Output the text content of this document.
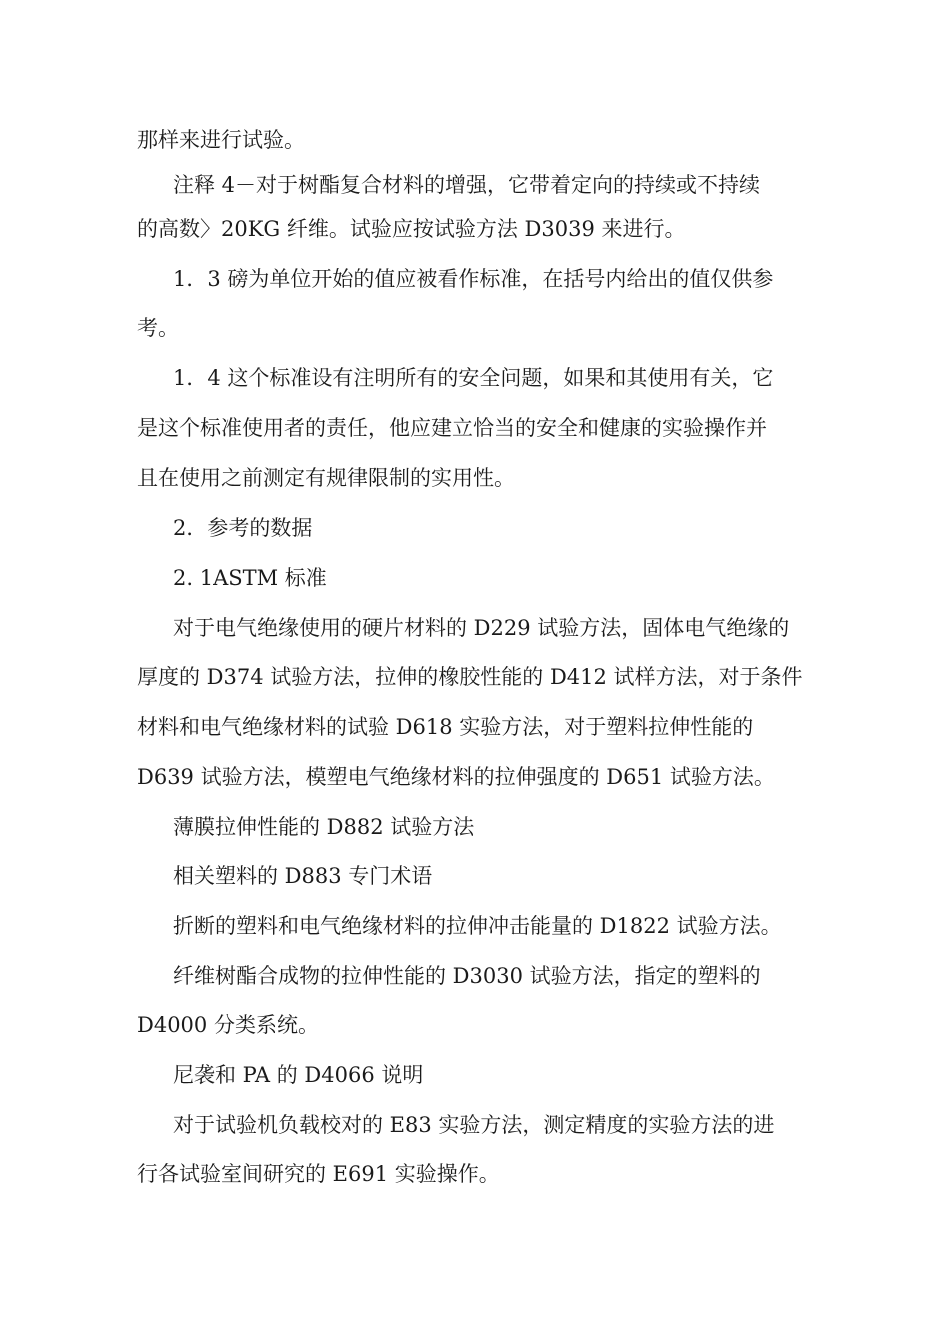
那样来进行试验。
注释 4－对于树酯复合材料的增强，它带着定向的持续或不持续
的高数〉20KG 纤维。试验应按试验方法 D3039 来进行。
1．3 磅为单位开始的值应被看作标准，在括号内给出的值仅供参
考。
1．4 这个标准设有注明所有的安全问题，如果和其使用有关，它
是这个标准使用者的责任，他应建立恰当的安全和健康的实验操作并
且在使用之前测定有规律限制的实用性。
2．参考的数据
2. 1ASTM 标准
对于电气绝缘使用的硬片材料的 D229 试验方法，固体电气绝缘的
厚度的 D374 试验方法，拉伸的橡胶性能的 D412 试样方法，对于条件
材料和电气绝缘材料的试验 D618 实验方法，对于塑料拉伸性能的
D639 试验方法，模塑电气绝缘材料的拉伸强度的 D651 试验方法。
薄膜拉伸性能的 D882 试验方法
相关塑料的 D883 专门术语
折断的塑料和电气绝缘材料的拉伸冲击能量的 D1822 试验方法。
纤维树酯合成物的拉伸性能的 D3030 试验方法，指定的塑料的
D4000 分类系统。
尼袭和 PA 的 D4066 说明
对于试验机负载校对的 E83 实验方法，测定精度的实验方法的进
行各试验室间研究的 E691 实验操作。
